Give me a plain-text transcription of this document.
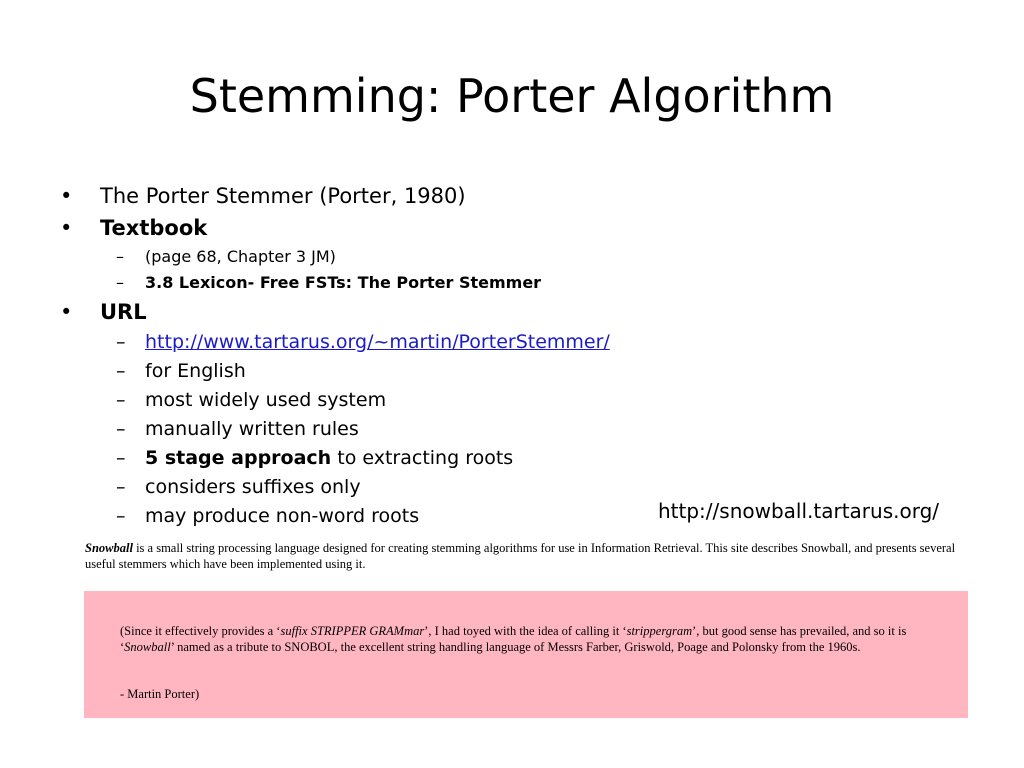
Stemming: Porter Algorithm
• The Porter Stemmer (Porter, 1980)
• Textbook
– (page 68, Chapter 3 JM)
– 3.8 Lexicon- Free FSTs: The Porter Stemmer
• URL
– http://www.tartarus.org/~martin/PorterStemmer/
– for English
– most widely used system
– manually written rules
– 5 stage approach to extracting roots
– considers suffixes only
– may produce non-word roots	http://snowball.tartarus.org/
Snowball is a small string processing language designed for creating stemming algorithms for use in Information Retrieval. This site describes Snowball, and presents several useful stemmers which have been implemented using it.
(Since it effectively provides a ‘suffix STRIPPER GRAMmar’, I had toyed with the idea of calling it ‘strippergram’, but good sense has prevailed, and so it is ‘Snowball’ named as a tribute to SNOBOL, the excellent string handling language of Messrs Farber, Griswold, Poage and Polonsky from the 1960s.
- Martin Porter)
